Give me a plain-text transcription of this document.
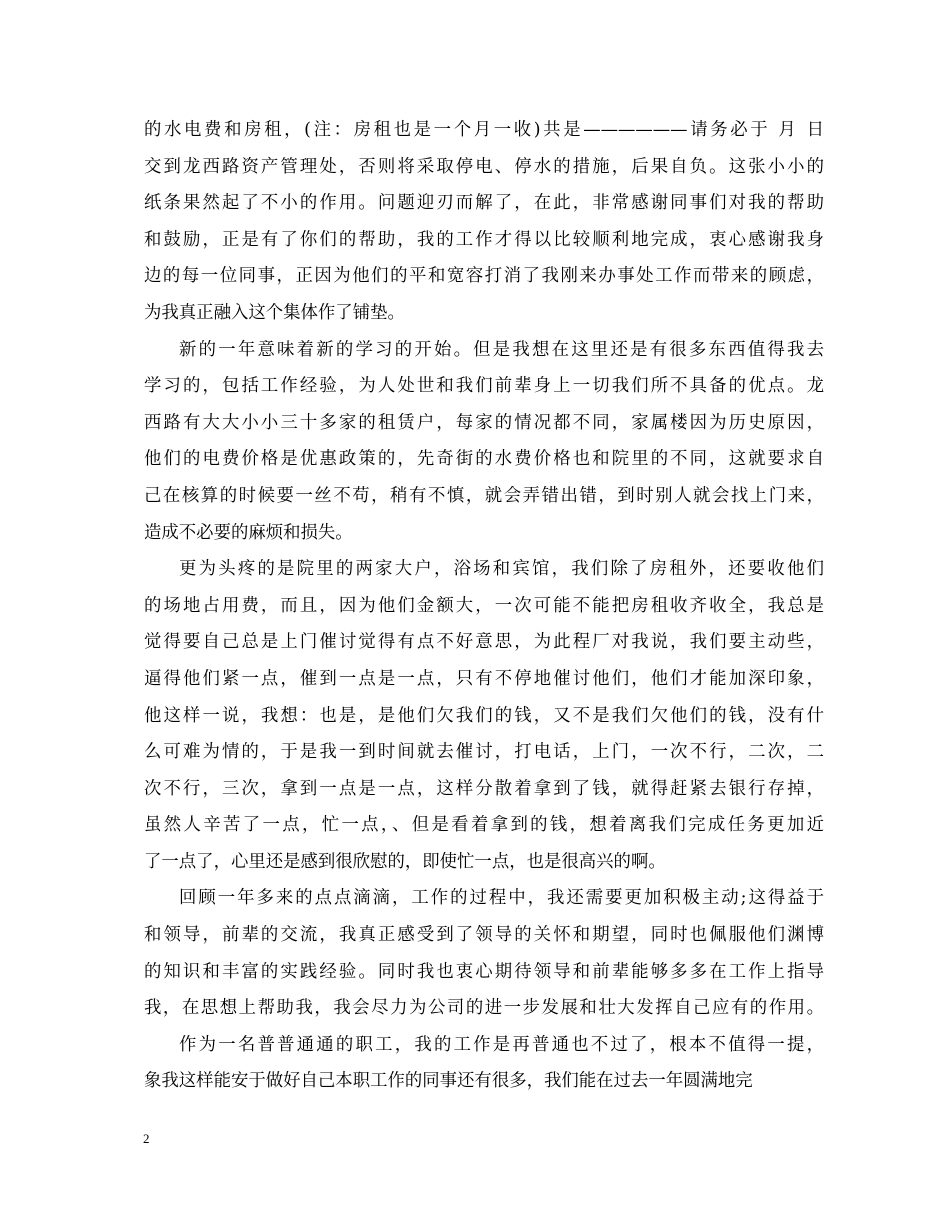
的水电费和房租，(注：房租也是一个月一收)共是——————请务必于 月 日
交到龙西路资产管理处，否则将采取停电、停水的措施，后果自负。这张小小的
纸条果然起了不小的作用。问题迎刃而解了，在此，非常感谢同事们对我的帮助
和鼓励，正是有了你们的帮助，我的工作才得以比较顺利地完成，衷心感谢我身
边的每一位同事，正因为他们的平和宽容打消了我刚来办事处工作而带来的顾虑，
为我真正融入这个集体作了铺垫。
新的一年意味着新的学习的开始。但是我想在这里还是有很多东西值得我去
学习的，包括工作经验，为人处世和我们前辈身上一切我们所不具备的优点。龙
西路有大大小小三十多家的租赁户，每家的情况都不同，家属楼因为历史原因，
他们的电费价格是优惠政策的，先奇街的水费价格也和院里的不同，这就要求自
己在核算的时候要一丝不苟，稍有不慎，就会弄错出错，到时别人就会找上门来，
造成不必要的麻烦和损失。
更为头疼的是院里的两家大户，浴场和宾馆，我们除了房租外，还要收他们
的场地占用费，而且，因为他们金额大，一次可能不能把房租收齐收全，我总是
觉得要自己总是上门催讨觉得有点不好意思，为此程厂对我说，我们要主动些，
逼得他们紧一点，催到一点是一点，只有不停地催讨他们，他们才能加深印象，
他这样一说，我想：也是，是他们欠我们的钱，又不是我们欠他们的钱，没有什
么可难为情的，于是我一到时间就去催讨，打电话，上门，一次不行，二次，二
次不行，三次，拿到一点是一点，这样分散着拿到了钱，就得赶紧去银行存掉，
虽然人辛苦了一点，忙一点，、但是看着拿到的钱，想着离我们完成任务更加近
了一点了，心里还是感到很欣慰的，即使忙一点，也是很高兴的啊。
回顾一年多来的点点滴滴，工作的过程中，我还需要更加积极主动;这得益于
和领导，前辈的交流，我真正感受到了领导的关怀和期望，同时也佩服他们渊博
的知识和丰富的实践经验。同时我也衷心期待领导和前辈能够多多在工作上指导
我，在思想上帮助我，我会尽力为公司的进一步发展和壮大发挥自己应有的作用。
作为一名普普通通的职工，我的工作是再普通也不过了，根本不值得一提，
象我这样能安于做好自己本职工作的同事还有很多，我们能在过去一年圆满地完
2
